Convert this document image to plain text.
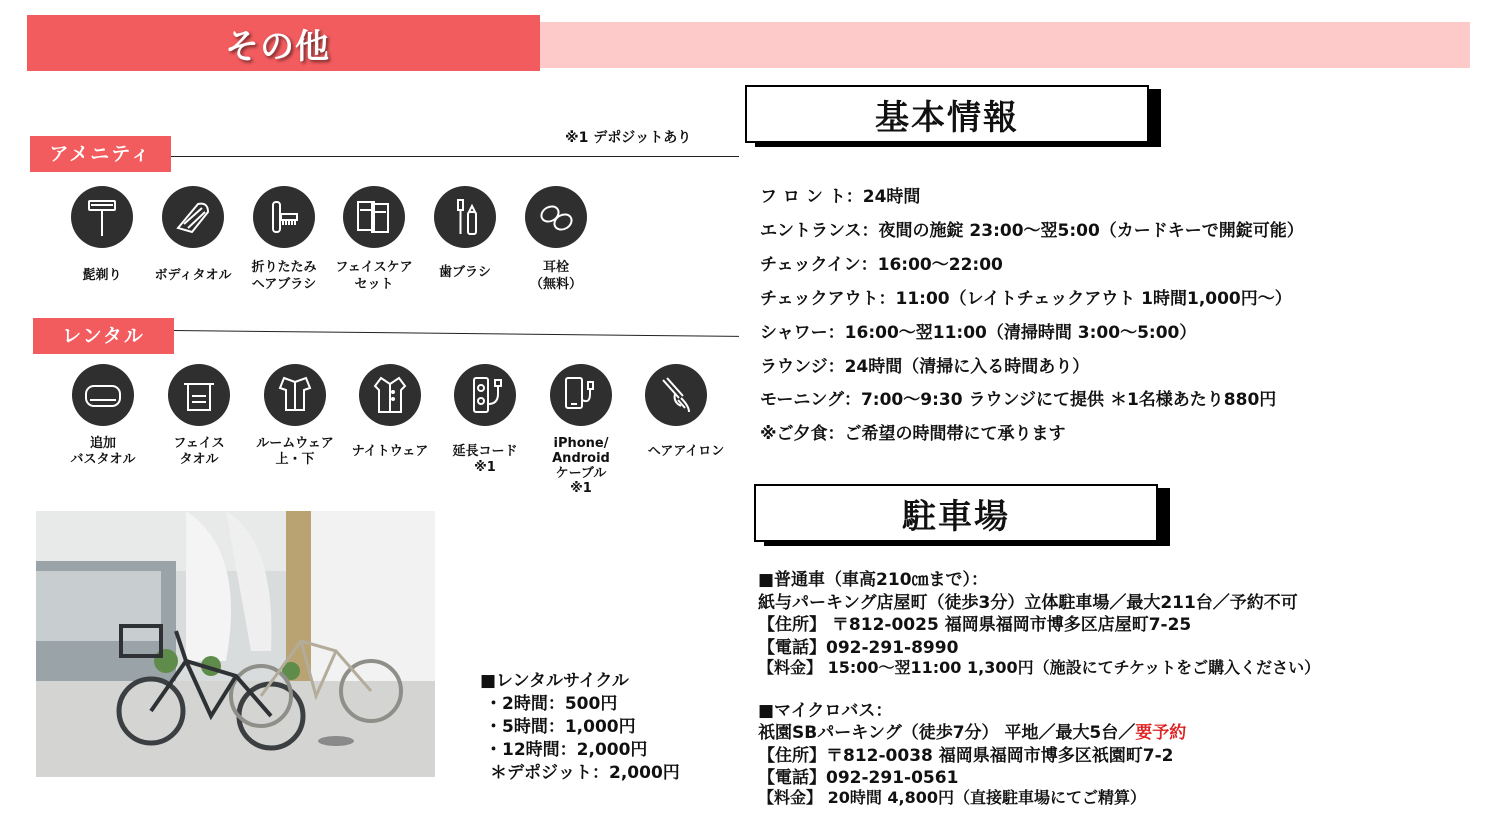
その他
アメニティ
※1 デポジットあり
髭剃り	ボディタオル
折りたたみ
ヘアブラシ
フェイスケア
セット
歯ブラシ	耳栓
（無料）
レンタル
追加
バスタオル
フェイス
タオル
ルームウェア
上・下
ナイトウェア	延長コード
※1
iPhone/
Android
ケーブル
※1
ヘアアイロン
■レンタルサイクル
・2時間：500円
・5時間：1,000円
・12時間：2,000円
＊デポジット：2,000円
基本情報
フ ロ ン ト：24時間
エントランス：夜間の施錠 23:00～翌5:00（カードキーで開錠可能）
チェックイン：16:00～22:00
チェックアウト：11:00（レイトチェックアウト 1時間1,000円～）
シャワー：16:00～翌11:00（清掃時間 3:00～5:00）
ラウンジ：24時間（清掃に入る時間あり）
モーニング：7:00～9:30 ラウンジにて提供 ＊1名様あたり880円
※ご夕食：ご希望の時間帯にて承ります
駐車場
■普通車（車高210㎝まで）：
紙与パーキング店屋町（徒歩3分）立体駐車場／最大211台／予約不可
【住所】 〒812-0025 福岡県福岡市博多区店屋町7-25
【電話】092-291-8990
【料金】 15:00～翌11:00 1,300円（施設にてチケットをご購入ください）
■マイクロバス：
祇園SBパーキング（徒歩7分） 平地／最大5台／要予約
【住所】〒812-0038 福岡県福岡市博多区祇園町7-2
【電話】092-291-0561
【料金】 20時間 4,800円（直接駐車場にてご精算）
